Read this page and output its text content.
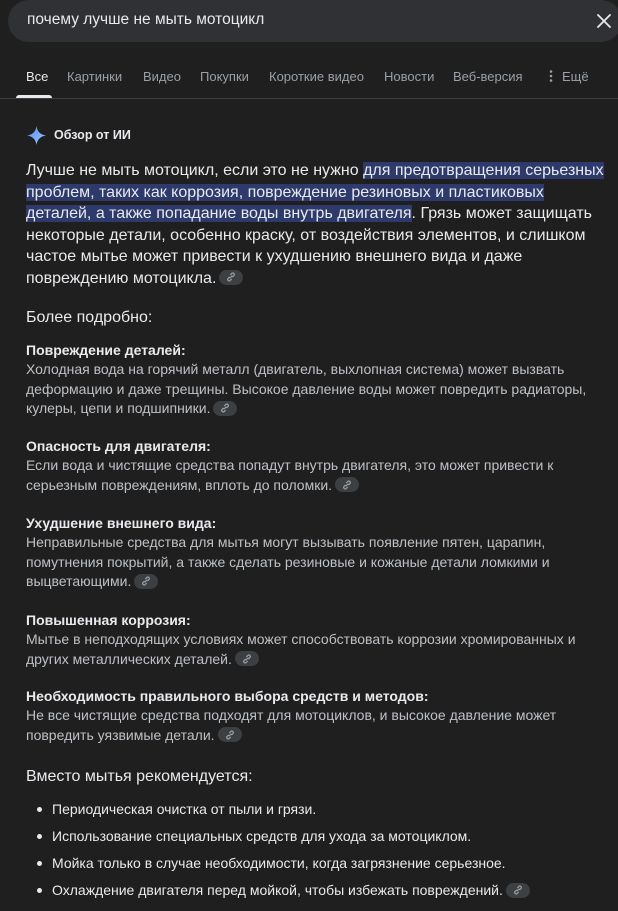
почему лучше не мыть мотоцикл
Все Картинки Видео Покупки Короткие видео Новости Веб-версия	Ещё
Обзор от ИИ
Лучше не мыть мотоцикл, если это не нужно для предотвращения серьезных проблем, таких как коррозия, повреждение резиновых и пластиковых деталей, а также попадание воды внутрь двигателя. Грязь может защищать некоторые детали, особенно краску, от воздействия элементов, и слишком частое мытье может привести к ухудшению внешнего вида и даже повреждению мотоцикла.
Более подробно:
Повреждение деталей:
Холодная вода на горячий металл (двигатель, выхлопная система) может вызвать деформацию и даже трещины. Высокое давление воды может повредить радиаторы, кулеры, цепи и подшипники.
Опасность для двигателя:
Если вода и чистящие средства попадут внутрь двигателя, это может привести к серьезным повреждениям, вплоть до поломки.
Ухудшение внешнего вида:
Неправильные средства для мытья могут вызывать появление пятен, царапин, помутнения покрытий, а также сделать резиновые и кожаные детали ломкими и выцветающими.
Повышенная коррозия:
Мытье в неподходящих условиях может способствовать коррозии хромированных и других металлических деталей.
Необходимость правильного выбора средств и методов:
Не все чистящие средства подходят для мотоциклов, и высокое давление может повредить уязвимые детали.
Вместо мытья рекомендуется:
Периодическая очистка от пыли и грязи.
Использование специальных средств для ухода за мотоциклом.
Мойка только в случае необходимости, когда загрязнение серьезное.
Охлаждение двигателя перед мойкой, чтобы избежать повреждений.
